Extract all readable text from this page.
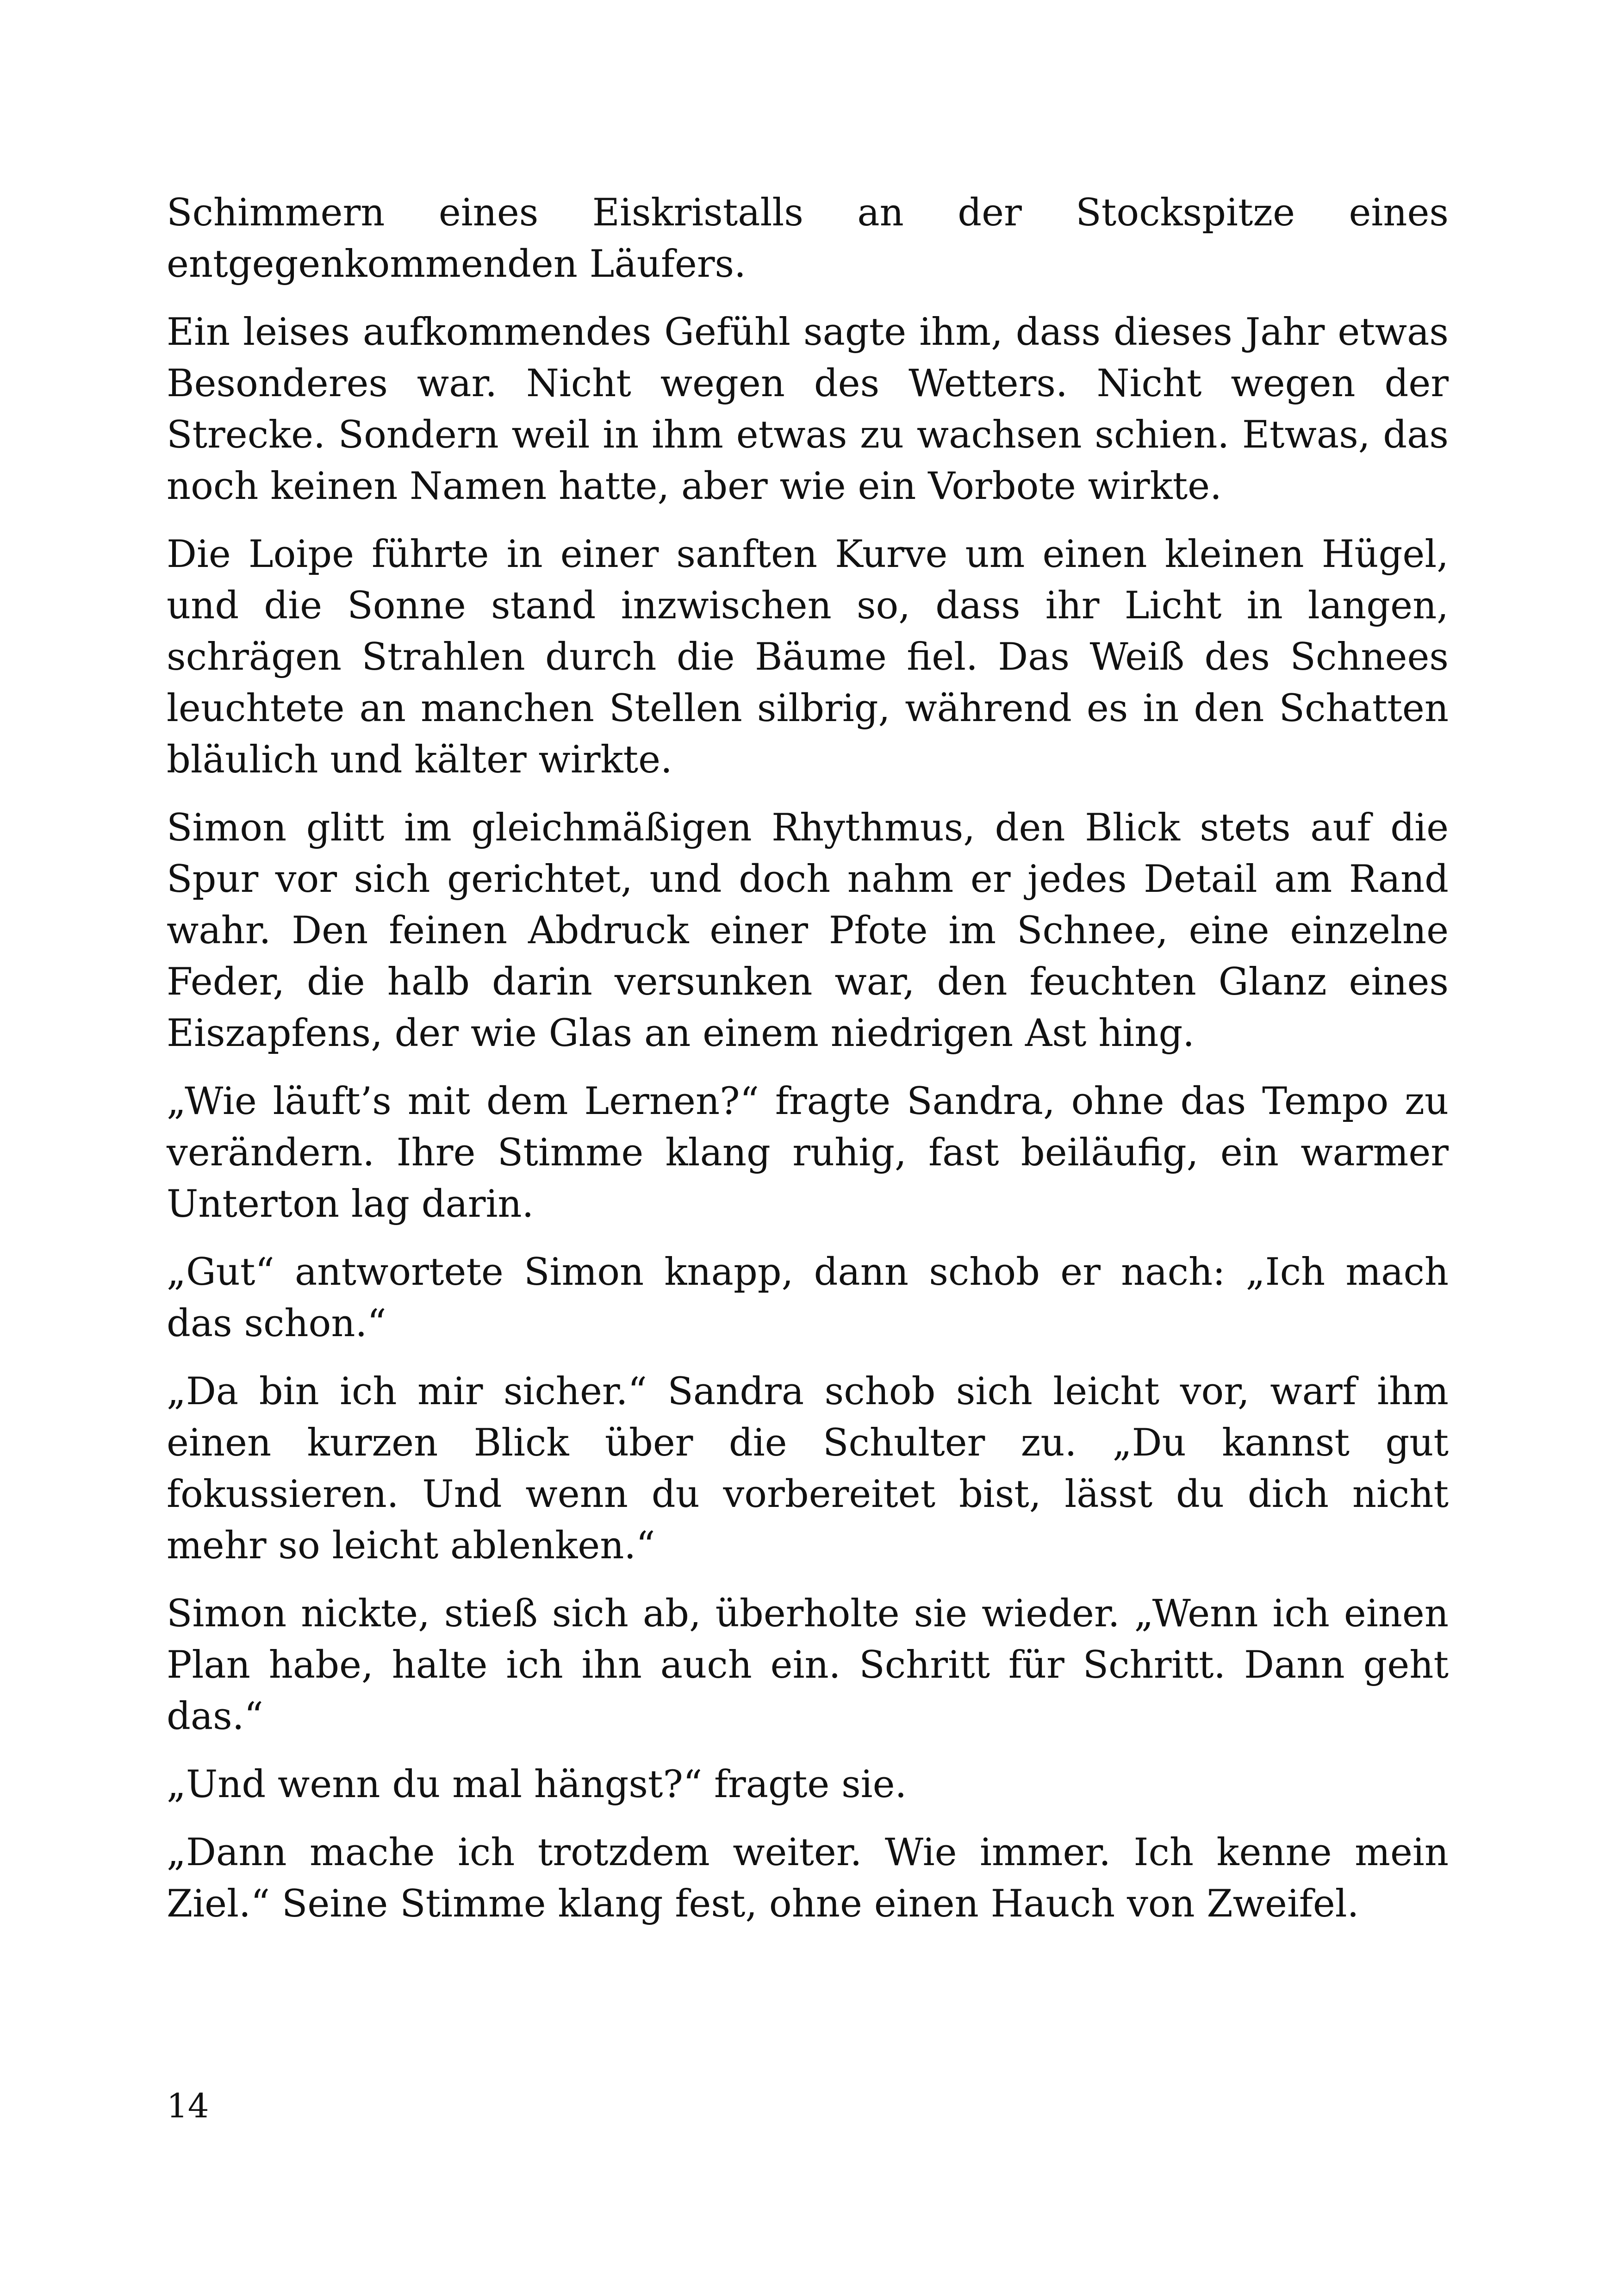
Schimmern eines Eiskristalls an der Stockspitze eines entgegenkommenden Läufers.

Ein leises aufkommendes Gefühl sagte ihm, dass dieses Jahr etwas Besonderes war. Nicht wegen des Wetters. Nicht wegen der Strecke. Sondern weil in ihm etwas zu wachsen schien. Etwas, das noch keinen Namen hatte, aber wie ein Vorbote wirkte.

Die Loipe führte in einer sanften Kurve um einen kleinen Hügel, und die Sonne stand inzwischen so, dass ihr Licht in langen, schrägen Strahlen durch die Bäume fiel. Das Weiß des Schnees leuchtete an manchen Stellen silbrig, während es in den Schatten bläulich und kälter wirkte.

Simon glitt im gleichmäßigen Rhythmus, den Blick stets auf die Spur vor sich gerichtet, und doch nahm er jedes Detail am Rand wahr. Den feinen Abdruck einer Pfote im Schnee, eine einzelne Feder, die halb darin versunken war, den feuchten Glanz eines Eiszapfens, der wie Glas an einem niedrigen Ast hing.

„Wie läuft’s mit dem Lernen?“ fragte Sandra, ohne das Tempo zu verändern. Ihre Stimme klang ruhig, fast beiläufig, ein warmer Unterton lag darin.

„Gut“ antwortete Simon knapp, dann schob er nach: „Ich mach das schon.“

„Da bin ich mir sicher.“ Sandra schob sich leicht vor, warf ihm einen kurzen Blick über die Schulter zu. „Du kannst gut fokussieren. Und wenn du vorbereitet bist, lässt du dich nicht mehr so leicht ablenken.“

Simon nickte, stieß sich ab, überholte sie wieder. „Wenn ich einen Plan habe, halte ich ihn auch ein. Schritt für Schritt. Dann geht das.“

„Und wenn du mal hängst?“ fragte sie.

„Dann mache ich trotzdem weiter. Wie immer. Ich kenne mein Ziel.“ Seine Stimme klang fest, ohne einen Hauch von Zweifel.

14
